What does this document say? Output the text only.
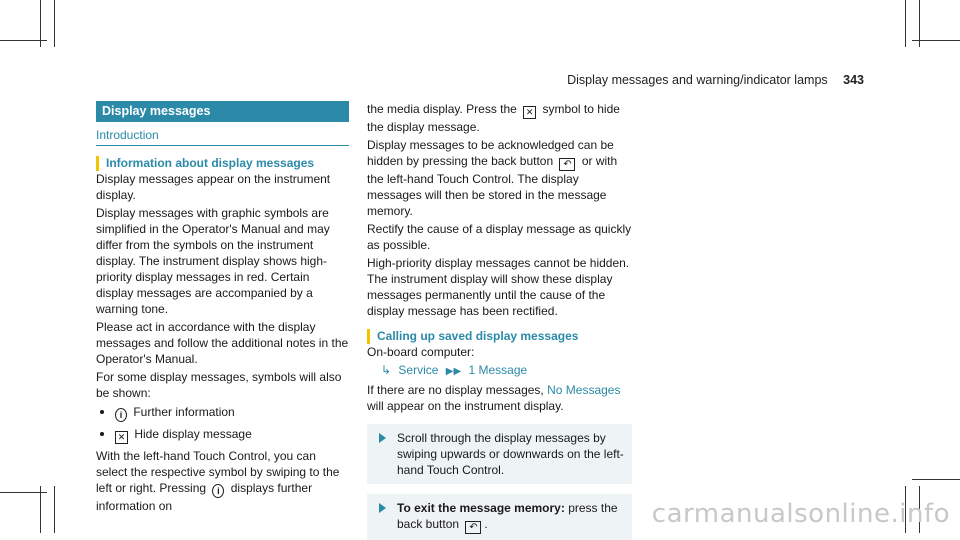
Display messages and warning/indicator lamps 343
Display messages
Introduction
Information about display messages

Display messages appear on the instrument display.

Display messages with graphic symbols are simplified in the Operator's Manual and may differ from the symbols on the instrument display. The instrument display shows high-priority display messages in red. Certain display messages are accompanied by a warning tone.

Please act in accordance with the display messages and follow the additional notes in the Operator's Manual.

For some display messages, symbols will also be shown:

i Further information
✕ Hide display message

With the left-hand Touch Control, you can select the respective symbol by swiping to the left or right. Pressing i displays further information on

the media display. Press the ✕ symbol to hide the display message.

Display messages to be acknowledged can be hidden by pressing the back button ↶ or with the left-hand Touch Control. The display messages will then be stored in the message memory.

Rectify the cause of a display message as quickly as possible.

High-priority display messages cannot be hidden. The instrument display will show these display messages permanently until the cause of the display message has been rectified.

Calling up saved display messages

On-board computer:

↳ Service ▶▶ 1 Message

If there are no display messages, No Messages will appear on the instrument display.

Scroll through the display messages by swiping upwards or downwards on the left-hand Touch Control.
To exit the message memory: press the back button ↶ .	carmanualsonline.info
